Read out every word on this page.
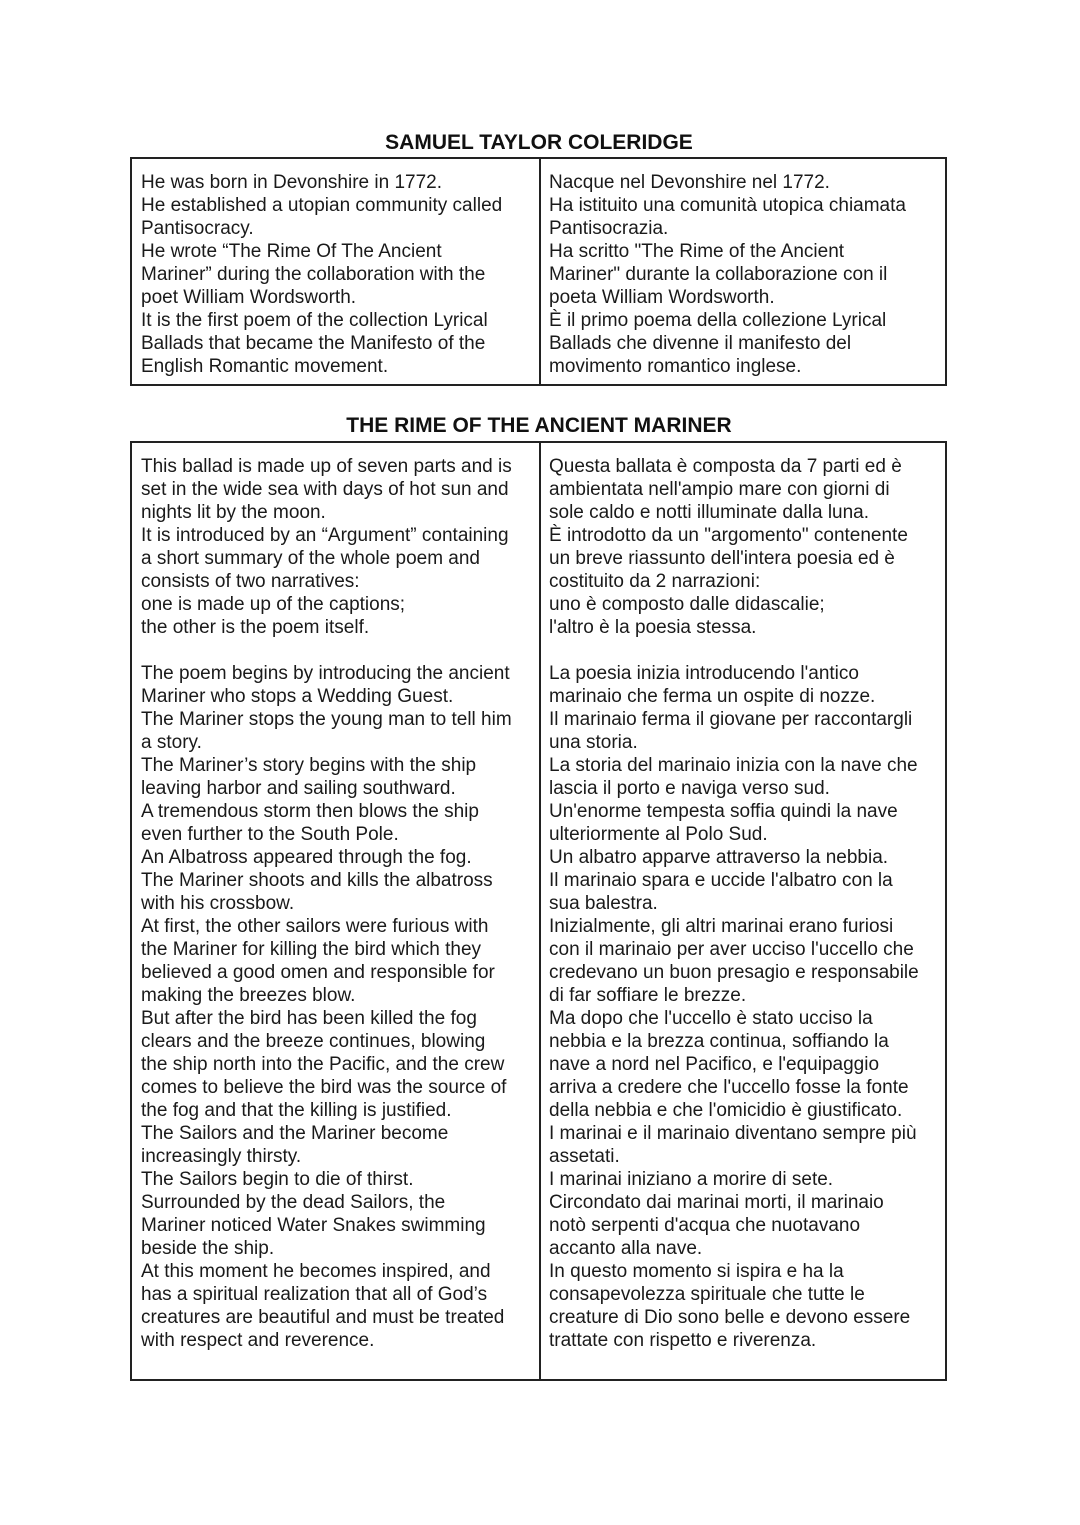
SAMUEL TAYLOR COLERIDGE
He was born in Devonshire in 1772.
He established a utopian community called
Pantisocracy.
He wrote “The Rime Of The Ancient
Mariner” during the collaboration with the
poet William Wordsworth.
It is the first poem of the collection Lyrical
Ballads that became the Manifesto of the
English Romantic movement.
Nacque nel Devonshire nel 1772.
Ha istituito una comunità utopica chiamata
Pantisocrazia.
Ha scritto "The Rime of the Ancient
Mariner" durante la collaborazione con il
poeta William Wordsworth.
È il primo poema della collezione Lyrical
Ballads che divenne il manifesto del
movimento romantico inglese.
THE RIME OF THE ANCIENT MARINER
This ballad is made up of seven parts and is
set in the wide sea with days of hot sun and
nights lit by the moon.
It is introduced by an “Argument” containing
a short summary of the whole poem and
consists of two narratives:
one is made up of the captions;
the other is the poem itself.
The poem begins by introducing the ancient
Mariner who stops a Wedding Guest.
The Mariner stops the young man to tell him
a story.
The Mariner’s story begins with the ship
leaving harbor and sailing southward.
A tremendous storm then blows the ship
even further to the South Pole.
An Albatross appeared through the fog.
The Mariner shoots and kills the albatross
with his crossbow.
At first, the other sailors were furious with
the Mariner for killing the bird which they
believed a good omen and responsible for
making the breezes blow.
But after the bird has been killed the fog
clears and the breeze continues, blowing
the ship north into the Pacific, and the crew
comes to believe the bird was the source of
the fog and that the killing is justified.
The Sailors and the Mariner become
increasingly thirsty.
The Sailors begin to die of thirst.
Surrounded by the dead Sailors, the
Mariner noticed Water Snakes swimming
beside the ship.
At this moment he becomes inspired, and
has a spiritual realization that all of God’s
creatures are beautiful and must be treated
with respect and reverence.
Questa ballata è composta da 7 parti ed è
ambientata nell'ampio mare con giorni di
sole caldo e notti illuminate dalla luna.
È introdotto da un "argomento" contenente
un breve riassunto dell'intera poesia ed è
costituito da 2 narrazioni:
uno è composto dalle didascalie;
l'altro è la poesia stessa.
La poesia inizia introducendo l'antico
marinaio che ferma un ospite di nozze.
Il marinaio ferma il giovane per raccontargli
una storia.
La storia del marinaio inizia con la nave che
lascia il porto e naviga verso sud.
Un'enorme tempesta soffia quindi la nave
ulteriormente al Polo Sud.
Un albatro apparve attraverso la nebbia.
Il marinaio spara e uccide l'albatro con la
sua balestra.
Inizialmente, gli altri marinai erano furiosi
con il marinaio per aver ucciso l'uccello che
credevano un buon presagio e responsabile
di far soffiare le brezze.
Ma dopo che l'uccello è stato ucciso la
nebbia e la brezza continua, soffiando la
nave a nord nel Pacifico, e l'equipaggio
arriva a credere che l'uccello fosse la fonte
della nebbia e che l'omicidio è giustificato.
I marinai e il marinaio diventano sempre più
assetati.
I marinai iniziano a morire di sete.
Circondato dai marinai morti, il marinaio
notò serpenti d'acqua che nuotavano
accanto alla nave.
In questo momento si ispira e ha la
consapevolezza spirituale che tutte le
creature di Dio sono belle e devono essere
trattate con rispetto e riverenza.
